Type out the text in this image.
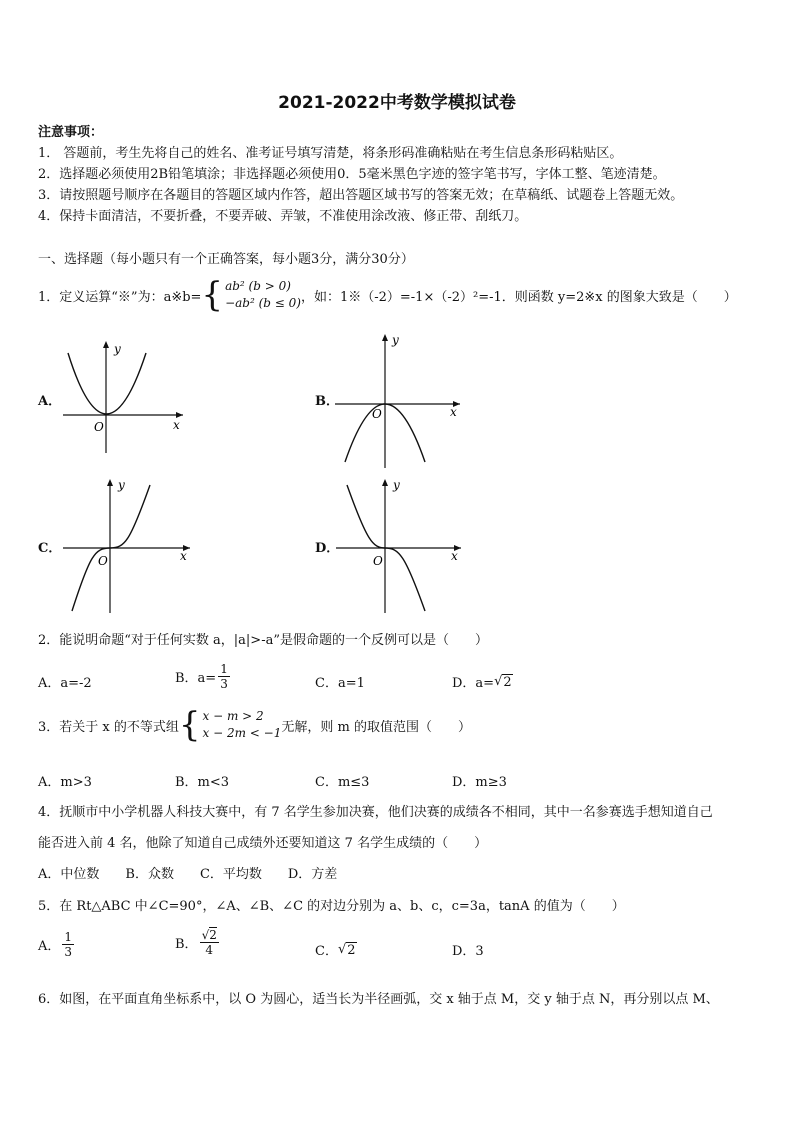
2021-2022中考数学模拟试卷
注意事项：
1． 答题前，考生先将自己的姓名、准考证号填写清楚，将条形码准确粘贴在考生信息条形码粘贴区。
2．选择题必须使用2B铅笔填涂；非选择题必须使用0．5毫米黑色字迹的签字笔书写，字体工整、笔迹清楚。
3．请按照题号顺序在各题目的答题区域内作答，超出答题区域书写的答案无效；在草稿纸、试题卷上答题无效。
4．保持卡面清洁，不要折叠，不要弄破、弄皱，不准使用涂改液、修正带、刮纸刀。
一、选择题（每小题只有一个正确答案，每小题3分，满分30分）
1．定义运算“※”为：a※b= { ab² (b > 0)
−ab² (b ≤ 0) ，如：1※（-2）=-1×（-2）²=-1．则函数 y=2※x 的图象大致是（　　）
A．
y
x
O
B．
y
x
O
C．
y
x
O
D．
y
x
O
2．能说明命题“对于任何实数 a，|a|>-a”是假命题的一个反例可以是（　　）
A．a=-2	B．$a= \frac{1}{3}$	C．a=1	D．a= √ 2
3．若关于 x 的不等式组 { x − m > 2
x − 2m < −1 无解，则 m 的取值范围（　　）
A．m>3	B．m<3	C．m≤3	D．m≥3
4．抚顺市中小学机器人科技大赛中，有 7 名学生参加决赛，他们决赛的成绩各不相同，其中一名参赛选手想知道自己
能否进入前 4 名，他除了知道自己成绩外还要知道这 7 名学生成绩的（　　）
A．中位数　　B．众数　　C．平均数　　D．方差
5．在 Rt△ABC 中∠C=90°，∠A、∠B、∠C 的对边分别为 a、b、c，c=3a，tanA 的值为（　　）
A． $\frac{1}{3}$	B． $\frac{√2}{4}$	C． √ 2	D．3
6．如图，在平面直角坐标系中，以 O 为圆心，适当长为半径画弧，交 x 轴于点 M，交 y 轴于点 N，再分别以点 M、
